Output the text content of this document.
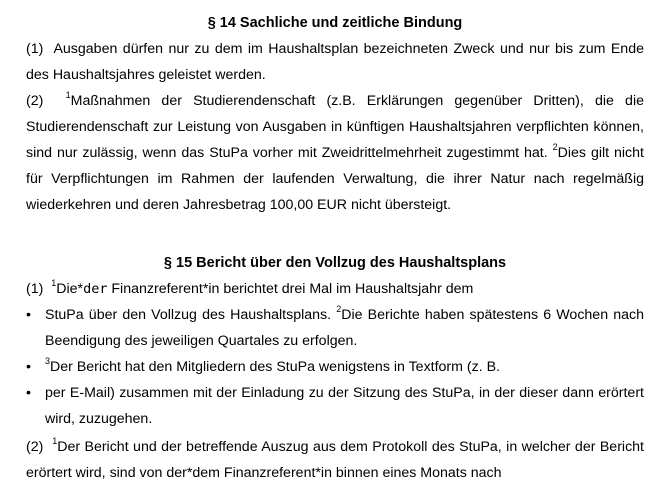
§ 14 Sachliche und zeitliche Bindung

(1) Ausgaben dürfen nur zu dem im Haushaltsplan bezeichneten Zweck und nur bis zum Ende des Haushaltsjahres geleistet werden.

(2) $^1$Maßnahmen der Studierendenschaft (z.B. Erklärungen gegenüber Dritten), die die Studierendenschaft zur Leistung von Ausgaben in künftigen Haushaltsjahren verpflichten können, sind nur zulässig, wenn das StuPa vorher mit Zweidrittelmehrheit zugestimmt hat. $^2$Dies gilt nicht für Verpflichtungen im Rahmen der laufenden Verwaltung, die ihrer Natur nach regelmäßig wiederkehren und deren Jahresbetrag 100,00 EUR nicht übersteigt.

§ 15 Bericht über den Vollzug des Haushaltsplans

(1) $^1$Die*der Finanzreferent*in berichtet drei Mal im Haushaltsjahr dem

• StuPa über den Vollzug des Haushaltsplans. $^2$Die Berichte haben spätestens 6 Wochen nach Beendigung des jeweiligen Quartales zu erfolgen.
• $^3$Der Bericht hat den Mitgliedern des StuPa wenigstens in Textform (z. B.
• per E-Mail) zusammen mit der Einladung zu der Sitzung des StuPa, in der dieser dann erörtert wird, zuzugehen.

(2) $^1$Der Bericht und der betreffende Auszug aus dem Protokoll des StuPa, in welcher der Bericht erörtert wird, sind von der*dem Finanzreferent*in binnen eines Monats nach
